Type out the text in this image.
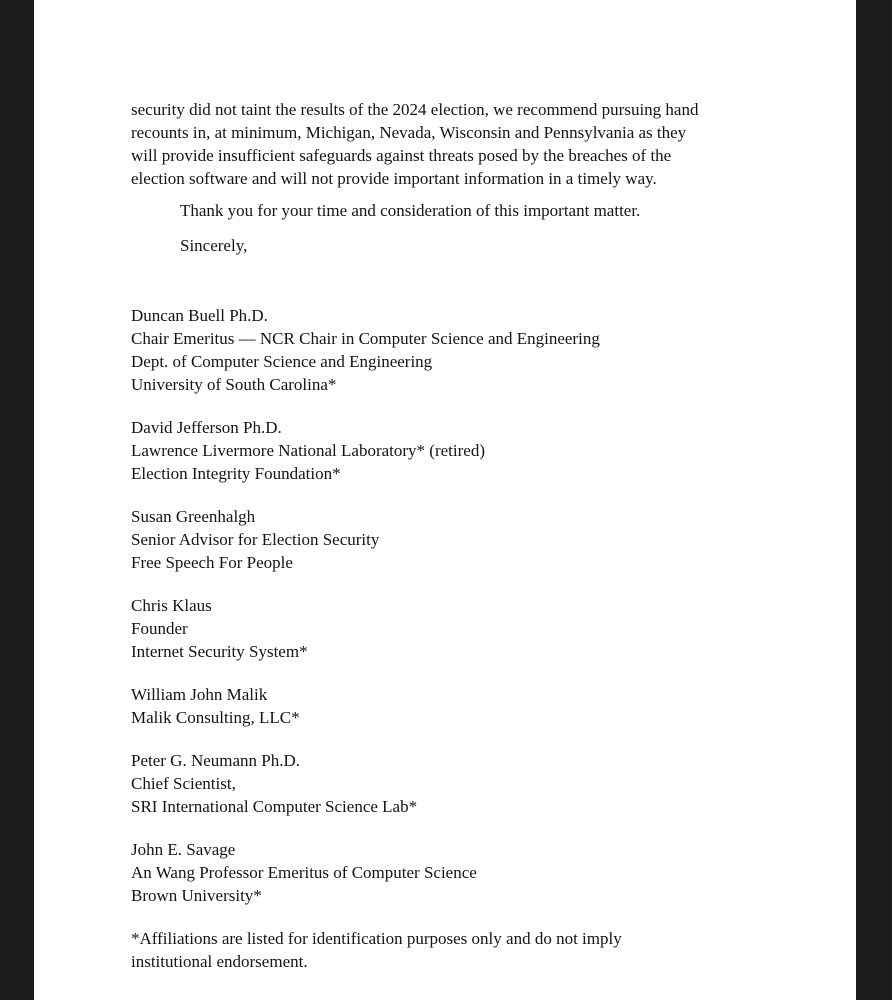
security did not taint the results of the 2024 election, we recommend pursuing hand
recounts in, at minimum, Michigan, Nevada, Wisconsin and Pennsylvania as they
will provide insufficient safeguards against threats posed by the breaches of the
election software and will not provide important information in a timely way.
Thank you for your time and consideration of this important matter.
Sincerely,
Duncan Buell Ph.D.
Chair Emeritus — NCR Chair in Computer Science and Engineering
Dept. of Computer Science and Engineering
University of South Carolina*
David Jefferson Ph.D.
Lawrence Livermore National Laboratory* (retired)
Election Integrity Foundation*
Susan Greenhalgh
Senior Advisor for Election Security
Free Speech For People
Chris Klaus
Founder
Internet Security System*
William John Malik
Malik Consulting, LLC*
Peter G. Neumann Ph.D.
Chief Scientist,
SRI International Computer Science Lab*
John E. Savage
An Wang Professor Emeritus of Computer Science
Brown University*
*Affiliations are listed for identification purposes only and do not imply
institutional endorsement.
